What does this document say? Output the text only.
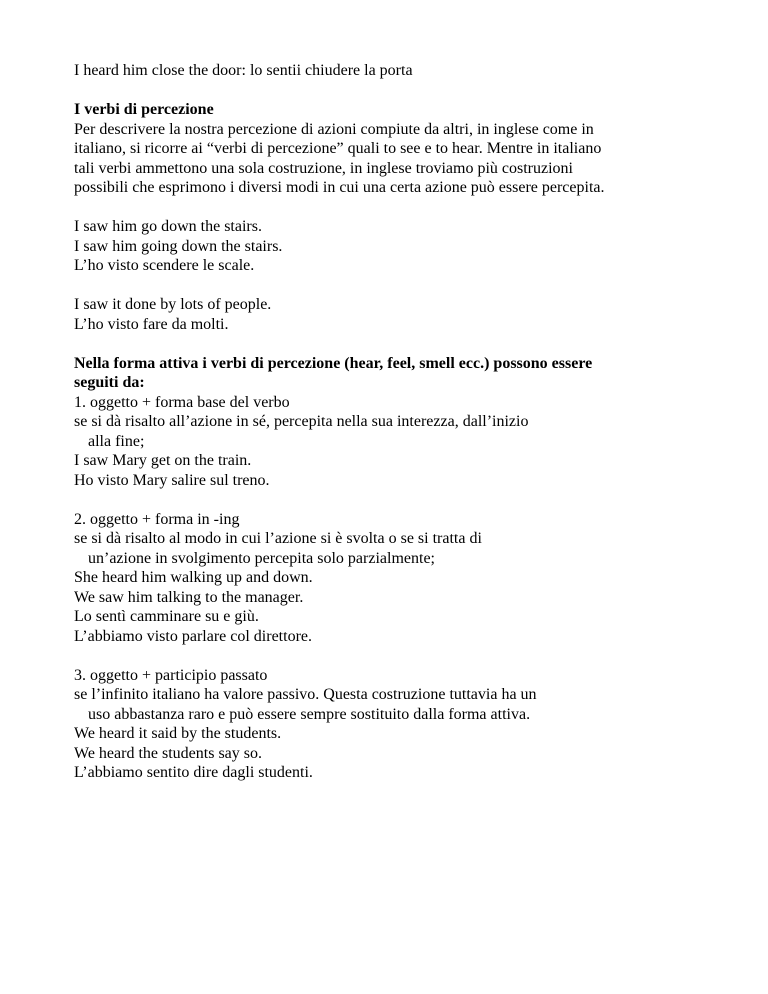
I heard him close the door: lo sentii chiudere la porta
I verbi di percezione
Per descrivere la nostra percezione di azioni compiute da altri, in inglese come in
italiano, si ricorre ai “verbi di percezione” quali to see e to hear. Mentre in italiano
tali verbi ammettono una sola costruzione, in inglese troviamo più costruzioni
possibili che esprimono i diversi modi in cui una certa azione può essere percepita.
I saw him go down the stairs.
I saw him going down the stairs.
L’ho visto scendere le scale.
I saw it done by lots of people.
L’ho visto fare da molti.
Nella forma attiva i verbi di percezione (hear, feel, smell ecc.) possono essere
seguiti da:
1. oggetto + forma base del verbo
se si dà risalto all’azione in sé, percepita nella sua interezza, dall’inizio
alla fine;
I saw Mary get on the train.
Ho visto Mary salire sul treno.
2. oggetto + forma in -ing
se si dà risalto al modo in cui l’azione si è svolta o se si tratta di
un’azione in svolgimento percepita solo parzialmente;
She heard him walking up and down.
We saw him talking to the manager.
Lo sentì camminare su e giù.
L’abbiamo visto parlare col direttore.
3. oggetto + participio passato
se l’infinito italiano ha valore passivo. Questa costruzione tuttavia ha un
uso abbastanza raro e può essere sempre sostituito dalla forma attiva.
We heard it said by the students.
We heard the students say so.
L’abbiamo sentito dire dagli studenti.
